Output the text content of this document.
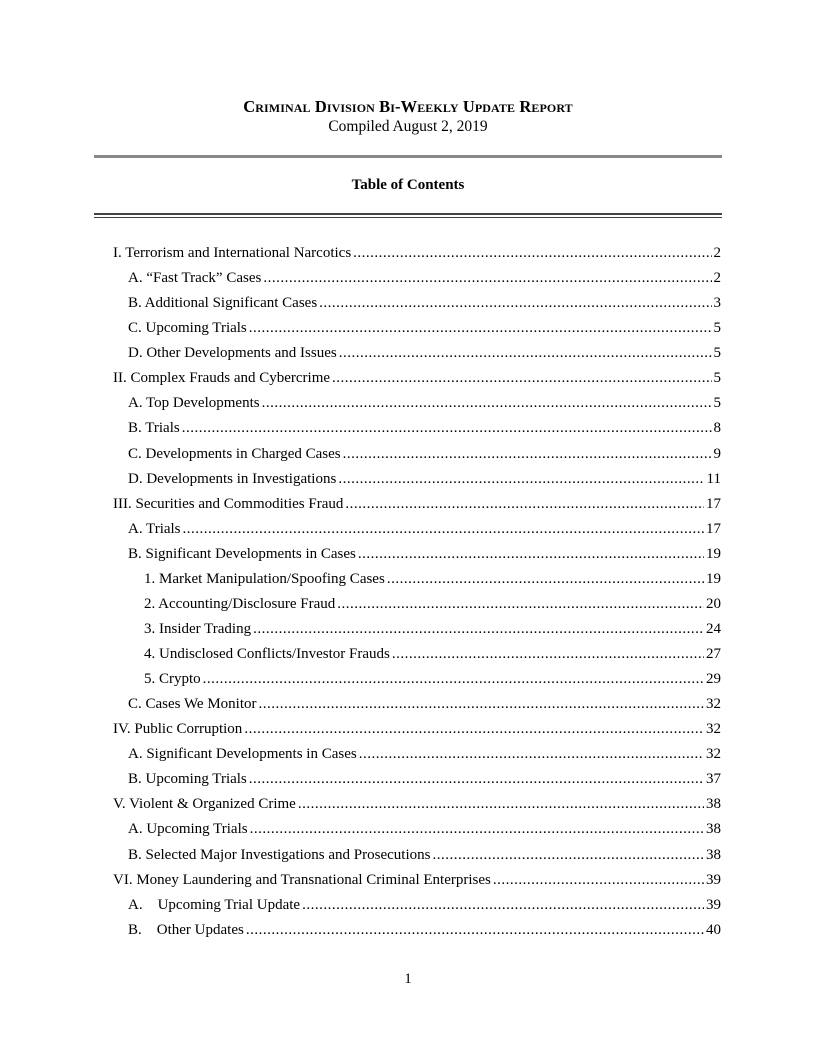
Criminal Division Bi-Weekly Update Report
Compiled August 2, 2019
Table of Contents
I. Terrorism and International Narcotics .....	2
A. “Fast Track” Cases .....	2
B. Additional Significant Cases .....	3
C. Upcoming Trials .....	5
D. Other Developments and Issues .....	5
II. Complex Frauds and Cybercrime .....	5
A. Top Developments .....	5
B. Trials .....	8
C. Developments in Charged Cases .....	9
D. Developments in Investigations .....	11
III. Securities and Commodities Fraud .....	17
A. Trials .....	17
B. Significant Developments in Cases .....	19
1. Market Manipulation/Spoofing Cases .....	19
2. Accounting/Disclosure Fraud .....	20
3. Insider Trading .....	24
4. Undisclosed Conflicts/Investor Frauds .....	27
5. Crypto .....	29
C. Cases We Monitor .....	32
IV. Public Corruption .....	32
A. Significant Developments in Cases .....	32
B. Upcoming Trials .....	37
V. Violent & Organized Crime .....	38
A. Upcoming Trials .....	38
B. Selected Major Investigations and Prosecutions .....	38
VI. Money Laundering and Transnational Criminal Enterprises .....	39
A.    Upcoming Trial Update .....	39
B.    Other Updates .....	40
1
